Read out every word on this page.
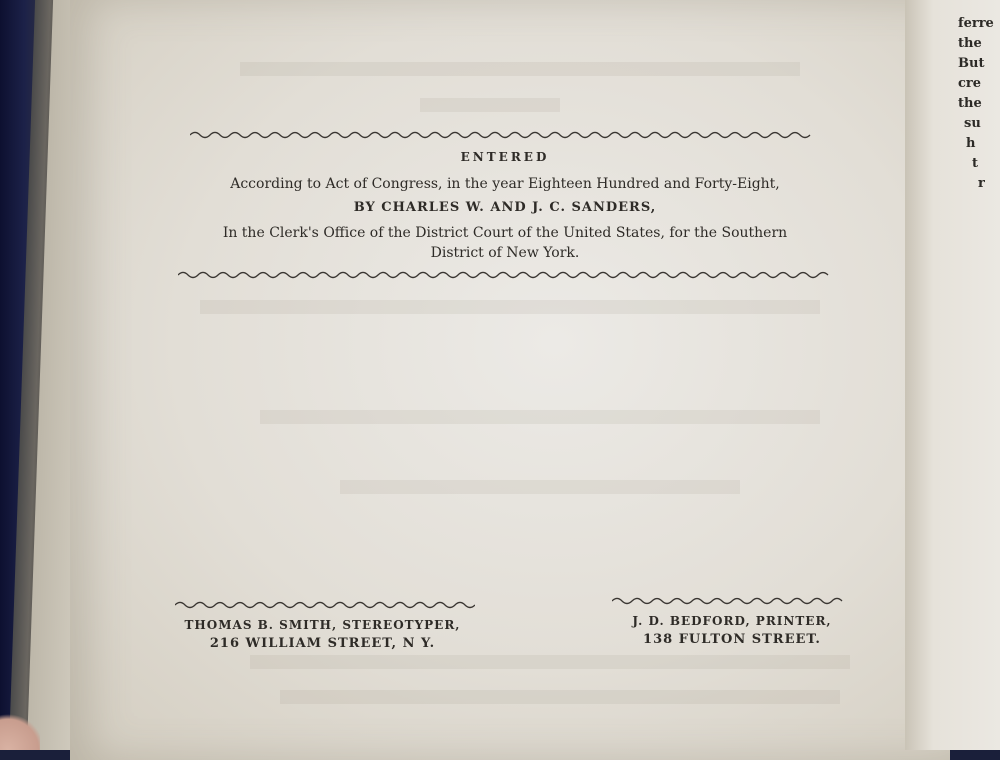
ferre
the
But
cre
the
su
h
t
r
ENTERED
According to Act of Congress, in the year Eighteen Hundred and Forty-Eight,
BY CHARLES W. AND J. C. SANDERS,
In the Clerk's Office of the District Court of the United States, for the Southern
District of New York.
THOMAS B. SMITH, STEREOTYPER,
216 WILLIAM STREET, N Y.
J. D. BEDFORD, PRINTER,
138 FULTON STREET.
